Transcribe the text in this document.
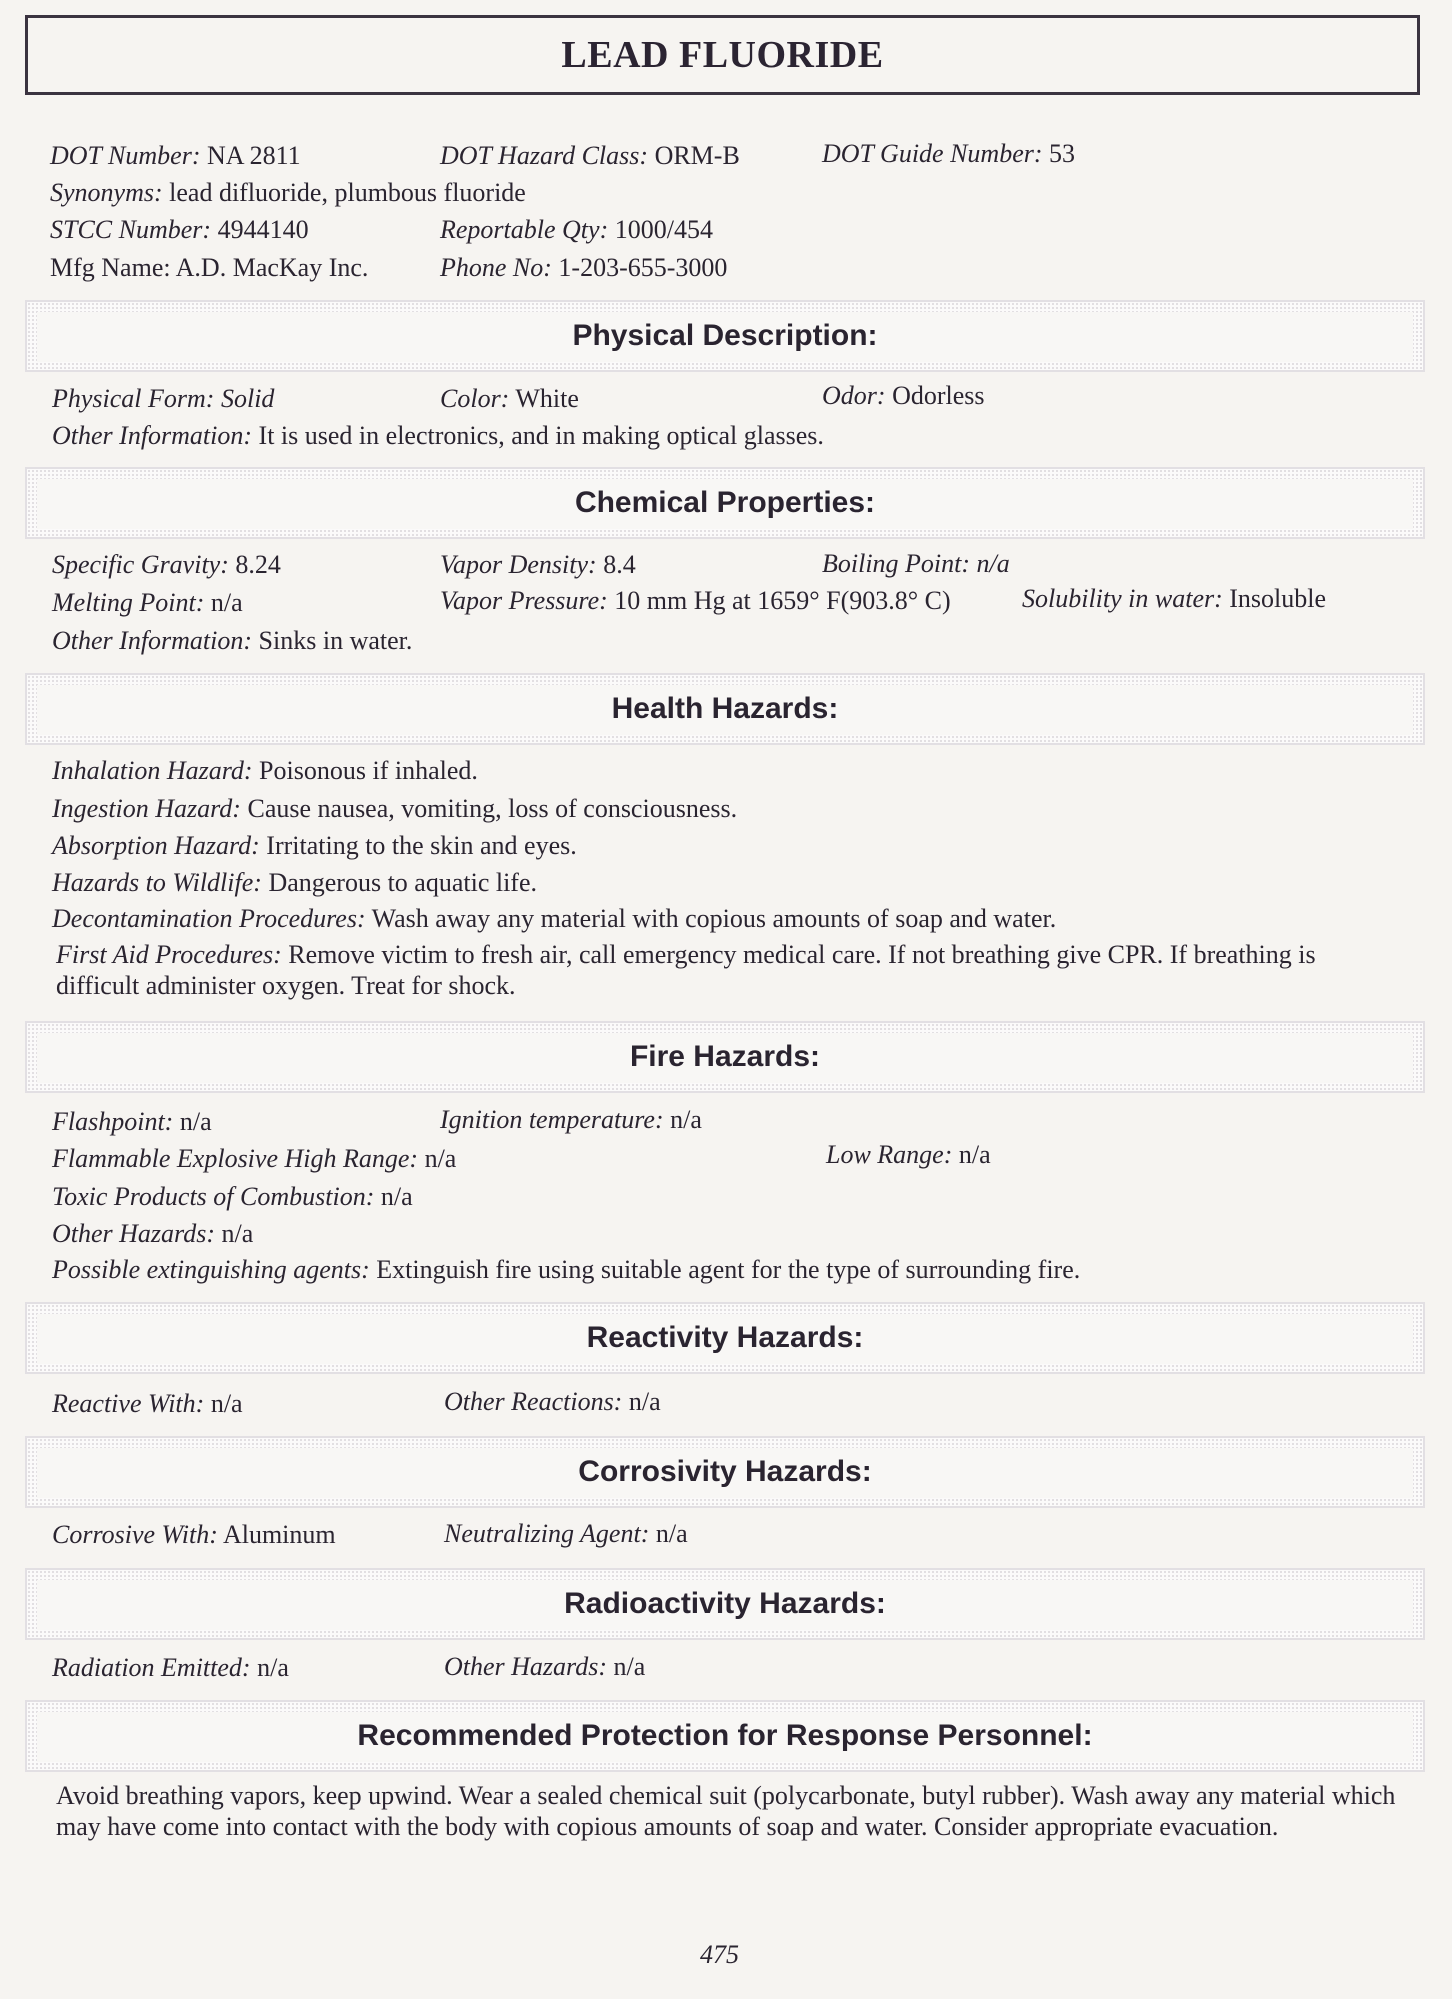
LEAD FLUORIDE
DOT Number: NA 2811	DOT Hazard Class: ORM-B	DOT Guide Number: 53
Synonyms: lead difluoride, plumbous fluoride
STCC Number: 4944140	Reportable Qty: 1000/454
Mfg Name: A.D. MacKay Inc.	Phone No: 1-203-655-3000
Physical Description:
Physical Form: Solid	Color: White	Odor: Odorless
Other Information: It is used in electronics, and in making optical glasses.
Chemical Properties:
Specific Gravity: 8.24	Vapor Density: 8.4	Boiling Point: n/a
Melting Point: n/a	Vapor Pressure: 10 mm Hg at 1659° F(903.8° C)	Solubility in water: Insoluble
Other Information: Sinks in water.
Health Hazards:
Inhalation Hazard: Poisonous if inhaled.
Ingestion Hazard: Cause nausea, vomiting, loss of consciousness.
Absorption Hazard: Irritating to the skin and eyes.
Hazards to Wildlife: Dangerous to aquatic life.
Decontamination Procedures: Wash away any material with copious amounts of soap and water.
First Aid Procedures: Remove victim to fresh air, call emergency medical care. If not breathing give CPR. If breathing is difficult administer oxygen. Treat for shock.
Fire Hazards:
Flashpoint: n/a	Ignition temperature: n/a
Flammable Explosive High Range: n/a	Low Range: n/a
Toxic Products of Combustion: n/a
Other Hazards: n/a
Possible extinguishing agents: Extinguish fire using suitable agent for the type of surrounding fire.
Reactivity Hazards:
Reactive With: n/a	Other Reactions: n/a
Corrosivity Hazards:
Corrosive With: Aluminum	Neutralizing Agent: n/a
Radioactivity Hazards:
Radiation Emitted: n/a	Other Hazards: n/a
Recommended Protection for Response Personnel:
Avoid breathing vapors, keep upwind. Wear a sealed chemical suit (polycarbonate, butyl rubber). Wash away any material which may have come into contact with the body with copious amounts of soap and water. Consider appropriate evacuation.
475
